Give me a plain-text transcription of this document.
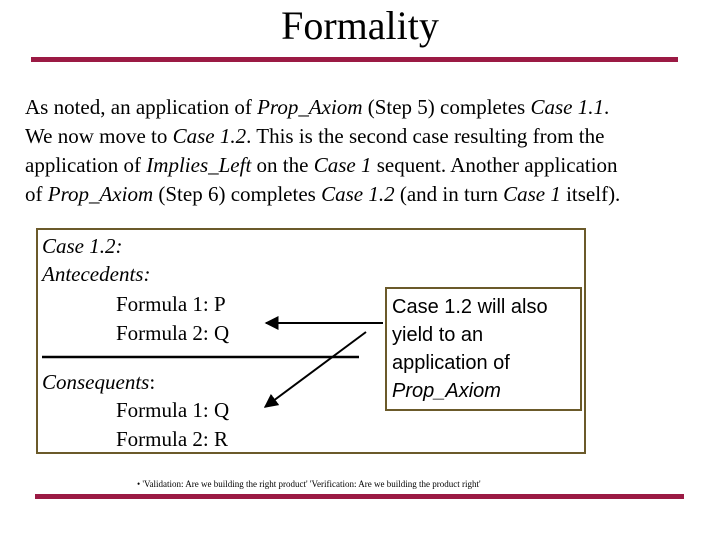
Formality
As noted, an application of Prop_Axiom (Step 5) completes Case 1.1.
We now move to Case 1.2. This is the second case resulting from the
application of Implies_Left on the Case 1 sequent. Another application
of Prop_Axiom (Step 6) completes Case 1.2 (and in turn Case 1 itself).
Case 1.2:
Antecedents:
Formula 1: P
Formula 2: Q
Consequents:
Formula 1: Q
Formula 2: R
Case 1.2 will also
yield to an
application of
Prop_Axiom
• 'Validation: Are we building the right product' 'Verification: Are we building the product right'
